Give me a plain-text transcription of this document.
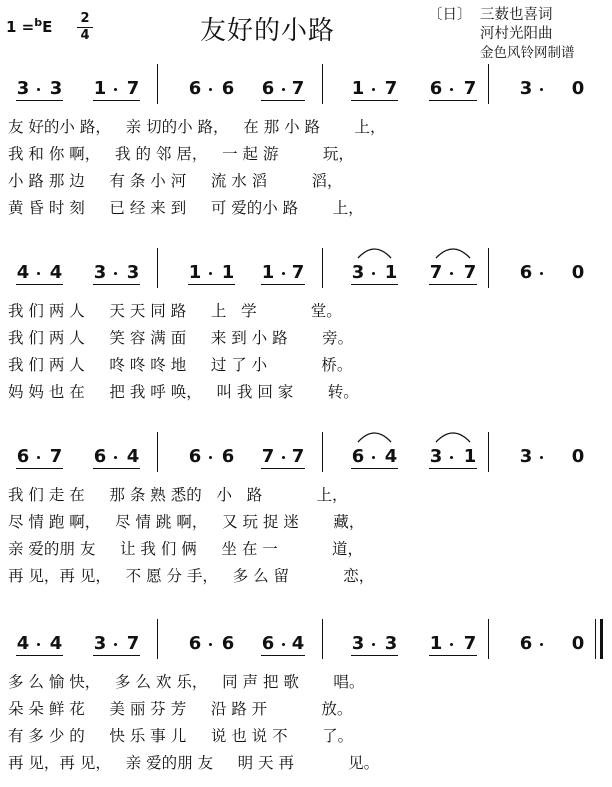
1 =$^b$E 2
4	友好的小路
〔日〕 三薮也喜词
河村光阳曲
金色风铃网制谱
3 3 1 7	6 6 6 7	1 7 6 7 3 0
友 好的小 路，   亲 切的小 路，   在 那 小 路       上，
我 和 你 啊，   我 的 邻 居，   一 起 游         玩，
小 路 那 边     有 条 小 河     流 水 滔         滔，
黄 昏 时 刻     已 经 来 到     可 爱的小 路       上，
4 4 3 3	1 1 1 7	3 1 7 7 6 0
我 们 两 人     天 天 同 路     上   学           堂。
我 们 两 人     笑 容 满 面     来 到 小 路       旁。
我 们 两 人     咚 咚 咚 地     过 了 小           桥。
妈 妈 也 在     把 我 呼 唤，   叫 我 回 家       转。
6 7 6 4	6 6 7 7	6 4 3 1 3 0
我 们 走 在     那 条 熟 悉的   小   路           上，
尽 情 跑 啊，   尽 情 跳 啊，   又 玩 捉 迷       藏，
亲 爱的朋 友     让 我 们 俩     坐 在 一           道，
再 见，再 见，   不 愿 分 手，   多 么 留           恋，
4 4 3 7	6 6 6 4	3 3 1 7 6 0
多 么 愉 快，   多 么 欢 乐，   同 声 把 歌       唱。
朵 朵 鲜 花     美 丽 芬 芳     沿 路 开           放。
有 多 少 的     快 乐 事 儿     说 也 说 不       了。
再 见，再 见，   亲 爱的朋 友     明 天 再           见。
